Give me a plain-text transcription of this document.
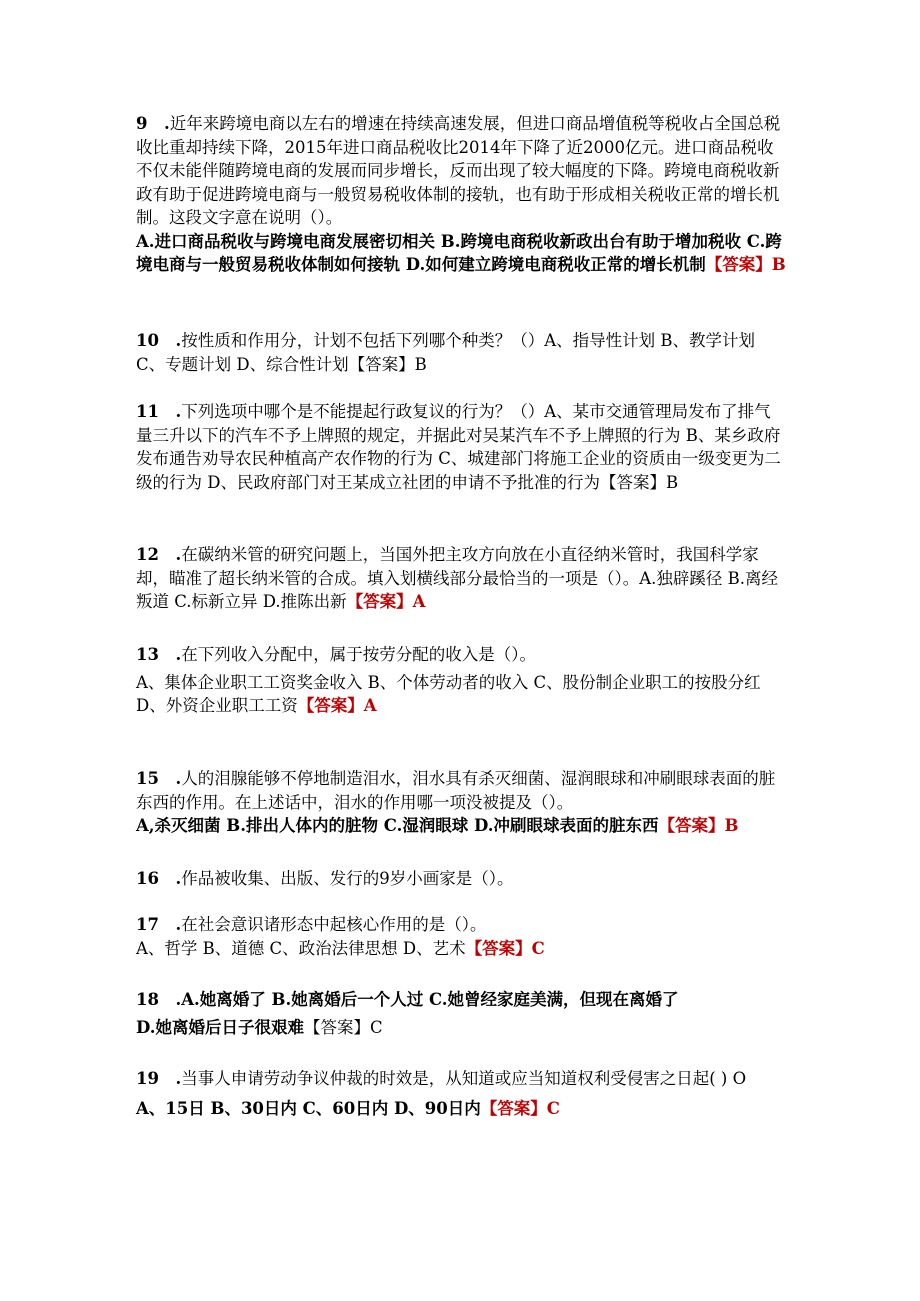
9　.近年来跨境电商以左右的增速在持续高速发展，但进口商品增值税等税收占全国总税收比重却持续下降，2015年进口商品税收比2014年下降了近2000亿元。进口商品税收不仅未能伴随跨境电商的发展而同步增长，反而出现了较大幅度的下降。跨境电商税收新政有助于促进跨境电商与一般贸易税收体制的接轨，也有助于形成相关税收正常的增长机制。这段文字意在说明（）。

A.进口商品税收与跨境电商发展密切相关 B.跨境电商税收新政出台有助于增加税收 C.跨境电商与一般贸易税收体制如何接轨 D.如何建立跨境电商税收正常的增长机制【答案】B

10　.按性质和作用分，计划不包括下列哪个种类？（）A、指导性计划 B、教学计划 C、专题计划 D、综合性计划【答案】B

11　.下列选项中哪个是不能提起行政复议的行为？（）A、某市交通管理局发布了排气量三升以下的汽车不予上牌照的规定，并据此对吴某汽车不予上牌照的行为 B、某乡政府发布通告劝导农民种植高产农作物的行为 C、城建部门将施工企业的资质由一级变更为二级的行为 D、民政府部门对王某成立社团的申请不予批准的行为【答案】B

12　.在碳纳米管的研究问题上，当国外把主攻方向放在小直径纳米管时，我国科学家却，瞄准了超长纳米管的合成。填入划横线部分最恰当的一项是（）。A.独辟蹊径 B.离经叛道 C.标新立异 D.推陈出新【答案】A

13　.在下列收入分配中，属于按劳分配的收入是（）。

A、集体企业职工工资奖金收入 B、个体劳动者的收入 C、股份制企业职工的按股分红 D、外资企业职工工资【答案】A

15　.人的泪腺能够不停地制造泪水，泪水具有杀灭细菌、湿润眼球和冲刷眼球表面的脏东西的作用。在上述话中，泪水的作用哪一项没被提及（）。

A,杀灭细菌 B.排出人体内的脏物 C.湿润眼球 D.冲刷眼球表面的脏东西【答案】B

16　.作品被收集、出版、发行的9岁小画家是（）。

17　.在社会意识诸形态中起核心作用的是（）。

A、哲学 B、道德 C、政治法律思想 D、艺术【答案】C

18　.A.她离婚了 B.她离婚后一个人过 C.她曾经家庭美满，但现在离婚了

D.她离婚后日子很艰难【答案】C

19　.当事人申请劳动争议仲裁的时效是，从知道或应当知道权利受侵害之日起( ) O

A、15日 B、30日内 C、60日内 D、90日内【答案】C
